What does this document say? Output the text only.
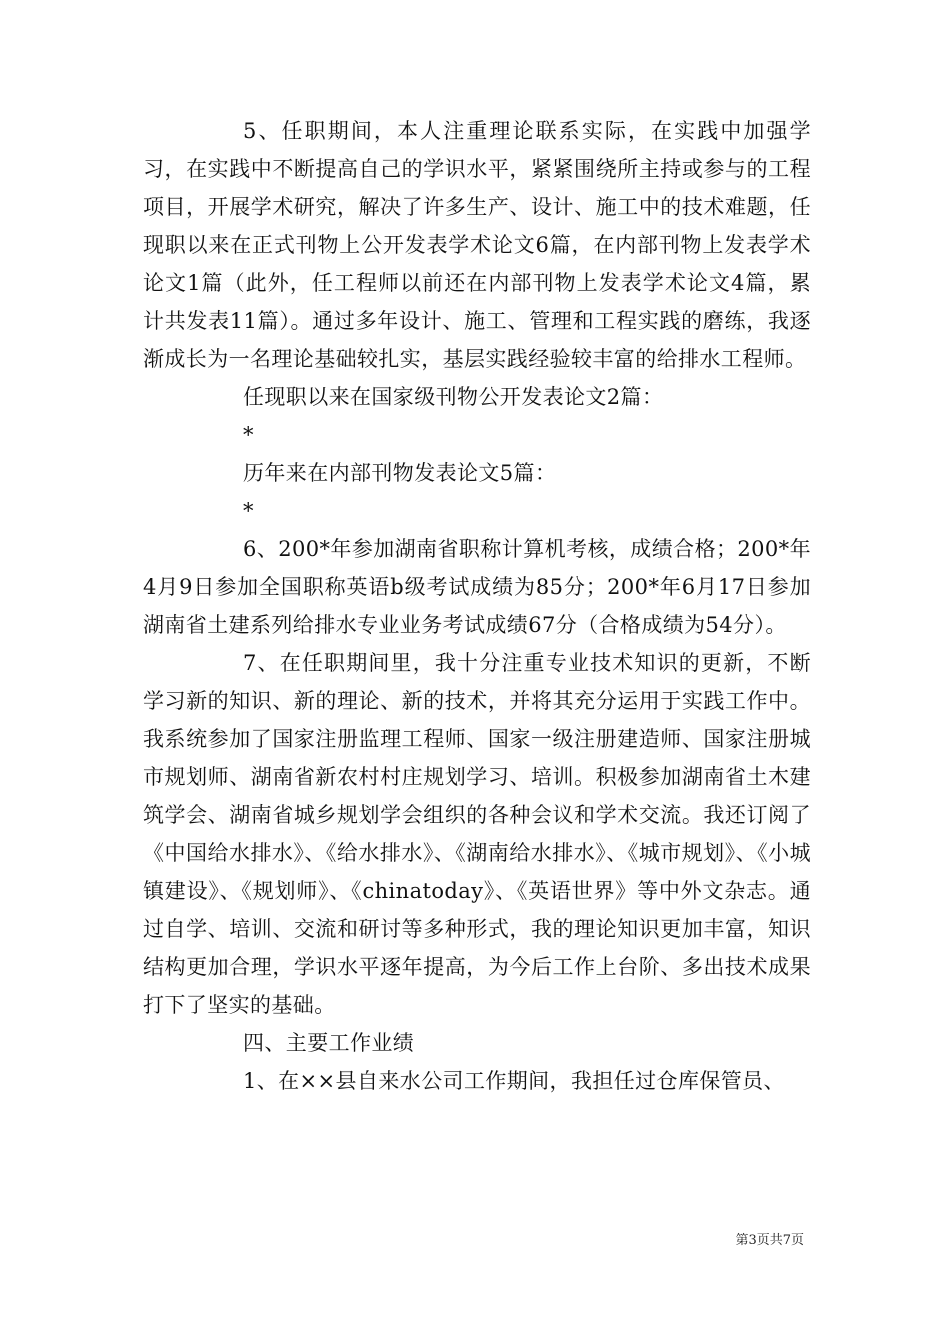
5、任职期间，本人注重理论联系实际，在实践中加强学习，在实践中不断提高自己的学识水平，紧紧围绕所主持或参与的工程项目，开展学术研究，解决了许多生产、设计、施工中的技术难题，任现职以来在正式刊物上公开发表学术论文6篇，在内部刊物上发表学术论文1篇（此外，任工程师以前还在内部刊物上发表学术论文4篇，累计共发表11篇）。通过多年设计、施工、管理和工程实践的磨练，我逐渐成长为一名理论基础较扎实，基层实践经验较丰富的给排水工程师。

任现职以来在国家级刊物公开发表论文2篇：

*

历年来在内部刊物发表论文5篇：

*

6、200*年参加湖南省职称计算机考核，成绩合格；200*年4月9日参加全国职称英语b级考试成绩为85分；200*年6月17日参加湖南省土建系列给排水专业业务考试成绩67分（合格成绩为54分）。

7、在任职期间里，我十分注重专业技术知识的更新，不断学习新的知识、新的理论、新的技术，并将其充分运用于实践工作中。我系统参加了国家注册监理工程师、国家一级注册建造师、国家注册城市规划师、湖南省新农村村庄规划学习、培训。积极参加湖南省土木建筑学会、湖南省城乡规划学会组织的各种会议和学术交流。我还订阅了《中国给水排水》、《给水排水》、《湖南给水排水》、《城市规划》、《小城镇建设》、《规划师》、《chinatoday》、《英语世界》等中外文杂志。通过自学、培训、交流和研讨等多种形式，我的理论知识更加丰富，知识结构更加合理，学识水平逐年提高，为今后工作上台阶、多出技术成果打下了坚实的基础。

四、主要工作业绩

1、在××县自来水公司工作期间，我担任过仓库保管员、

第3页共7页
